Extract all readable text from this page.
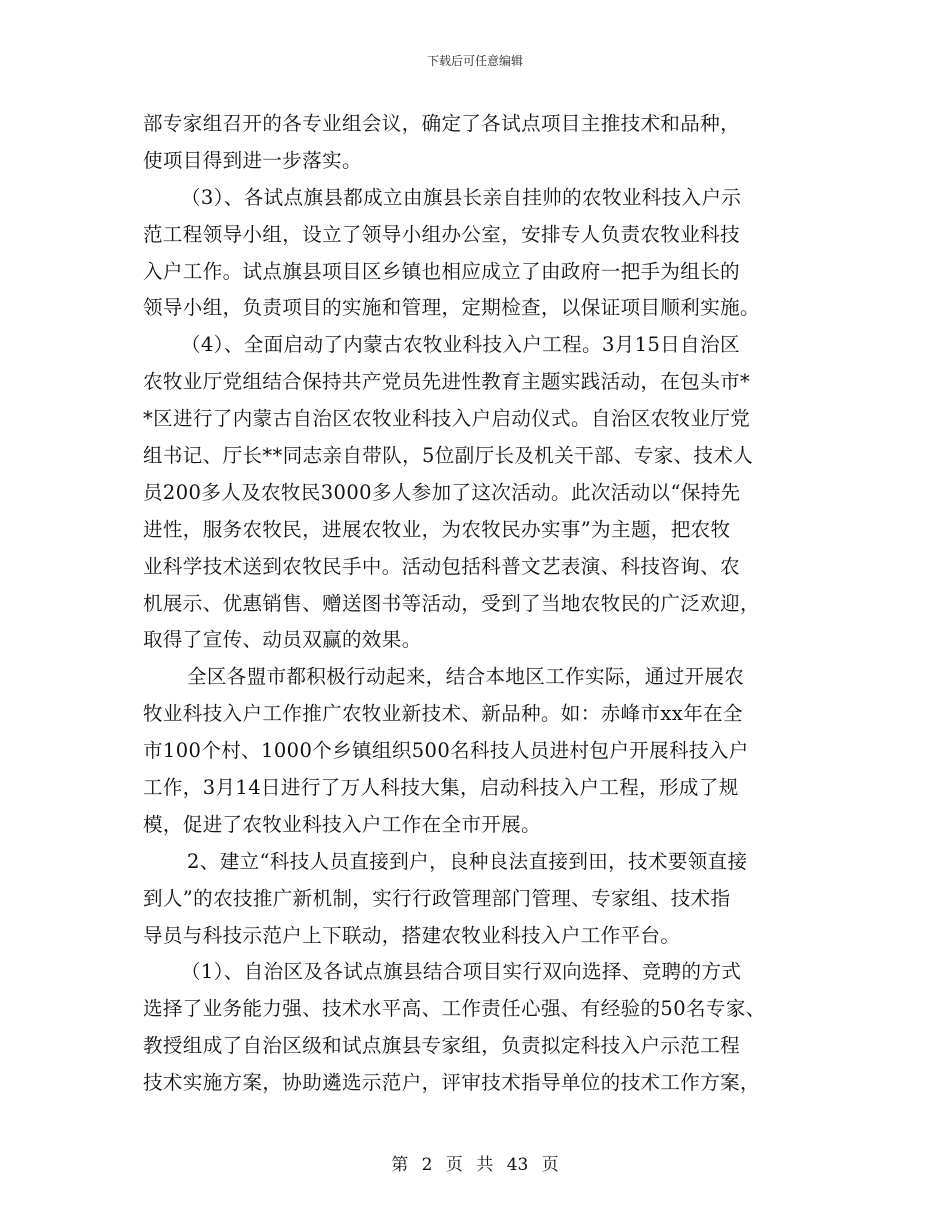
下载后可任意编辑
部专家组召开的各专业组会议，确定了各试点项目主推技术和品种，
使项目得到进一步落实。
（3）、各试点旗县都成立由旗县长亲自挂帅的农牧业科技入户示
范工程领导小组，设立了领导小组办公室，安排专人负责农牧业科技
入户工作。试点旗县项目区乡镇也相应成立了由政府一把手为组长的
领导小组，负责项目的实施和管理，定期检查，以保证项目顺利实施。
（4）、全面启动了内蒙古农牧业科技入户工程。3月15日自治区
农牧业厅党组结合保持共产党员先进性教育主题实践活动，在包头市*
*区进行了内蒙古自治区农牧业科技入户启动仪式。自治区农牧业厅党
组书记、厅长**同志亲自带队，5位副厅长及机关干部、专家、技术人
员200多人及农牧民3000多人参加了这次活动。此次活动以“保持先
进性，服务农牧民，进展农牧业，为农牧民办实事”为主题，把农牧
业科学技术送到农牧民手中。活动包括科普文艺表演、科技咨询、农
机展示、优惠销售、赠送图书等活动，受到了当地农牧民的广泛欢迎，
取得了宣传、动员双赢的效果。
全区各盟市都积极行动起来，结合本地区工作实际，通过开展农
牧业科技入户工作推广农牧业新技术、新品种。如：赤峰市xx年在全
市100个村、1000个乡镇组织500名科技人员进村包户开展科技入户
工作，3月14日进行了万人科技大集，启动科技入户工程，形成了规
模，促进了农牧业科技入户工作在全市开展。
2、建立“科技人员直接到户，良种良法直接到田，技术要领直接
到人”的农技推广新机制，实行行政管理部门管理、专家组、技术指
导员与科技示范户上下联动，搭建农牧业科技入户工作平台。
（1）、自治区及各试点旗县结合项目实行双向选择、竞聘的方式
选择了业务能力强、技术水平高、工作责任心强、有经验的50名专家、
教授组成了自治区级和试点旗县专家组，负责拟定科技入户示范工程
技术实施方案，协助遴选示范户，评审技术指导单位的技术工作方案，
第 2 页 共 43 页
